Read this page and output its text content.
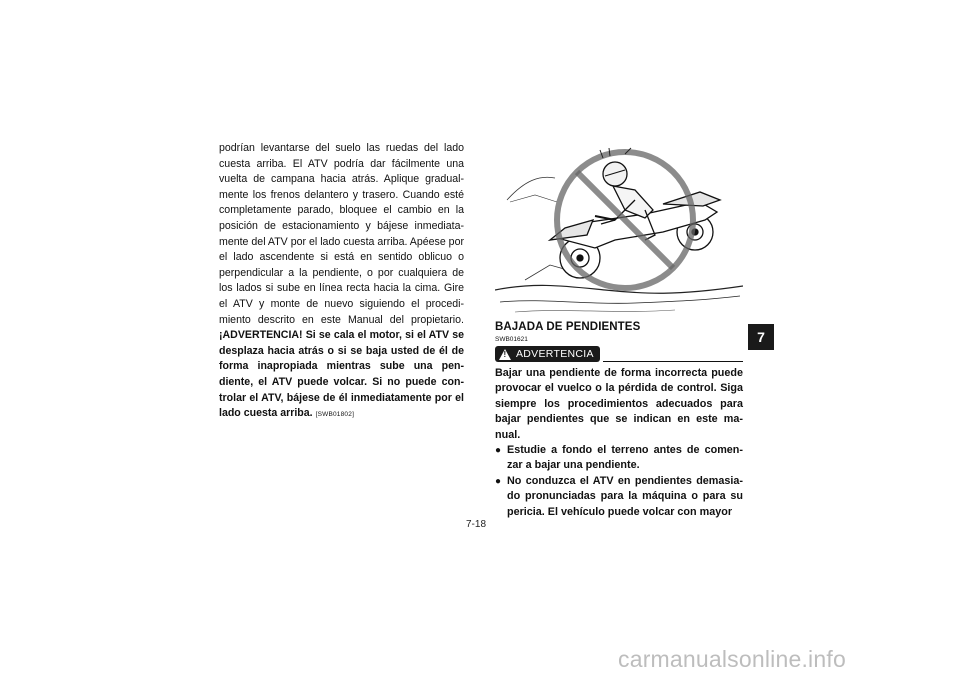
podrían levantarse del suelo las ruedas del lado cuesta arriba. El ATV podría dar fácilmente una vuelta de campana hacia atrás. Aplique gradual-mente los frenos delantero y trasero. Cuando esté completamente parado, bloquee el cambio en la posición de estacionamiento y bájese inmediata-mente del ATV por el lado cuesta arriba. Apéese por el lado ascendente si está en sentido oblicuo o perpendicular a la pendiente, o por cualquiera de los lados si sube en línea recta hacia la cima. Gire el ATV y monte de nuevo siguiendo el procedi-miento descrito en este Manual del propietario. ¡ADVERTENCIA! Si se cala el motor, si el ATV se desplaza hacia atrás o si se baja usted de él de forma inapropiada mientras sube una pen-diente, el ATV puede volcar. Si no puede con-trolar el ATV, bájese de él inmediatamente por el lado cuesta arriba. [SWB01802]
BAJADA DE PENDIENTES
SWB01621
! ADVERTENCIA
Bajar una pendiente de forma incorrecta puede provocar el vuelco o la pérdida de control. Siga siempre los procedimientos adecuados para bajar pendientes que se indican en este ma-nual.
● Estudie a fondo el terreno antes de comen-zar a bajar una pendiente.
● No conduzca el ATV en pendientes demasia-do pronunciadas para la máquina o para su pericia. El vehículo puede volcar con mayor
7
7-18
carmanualsonline.info
